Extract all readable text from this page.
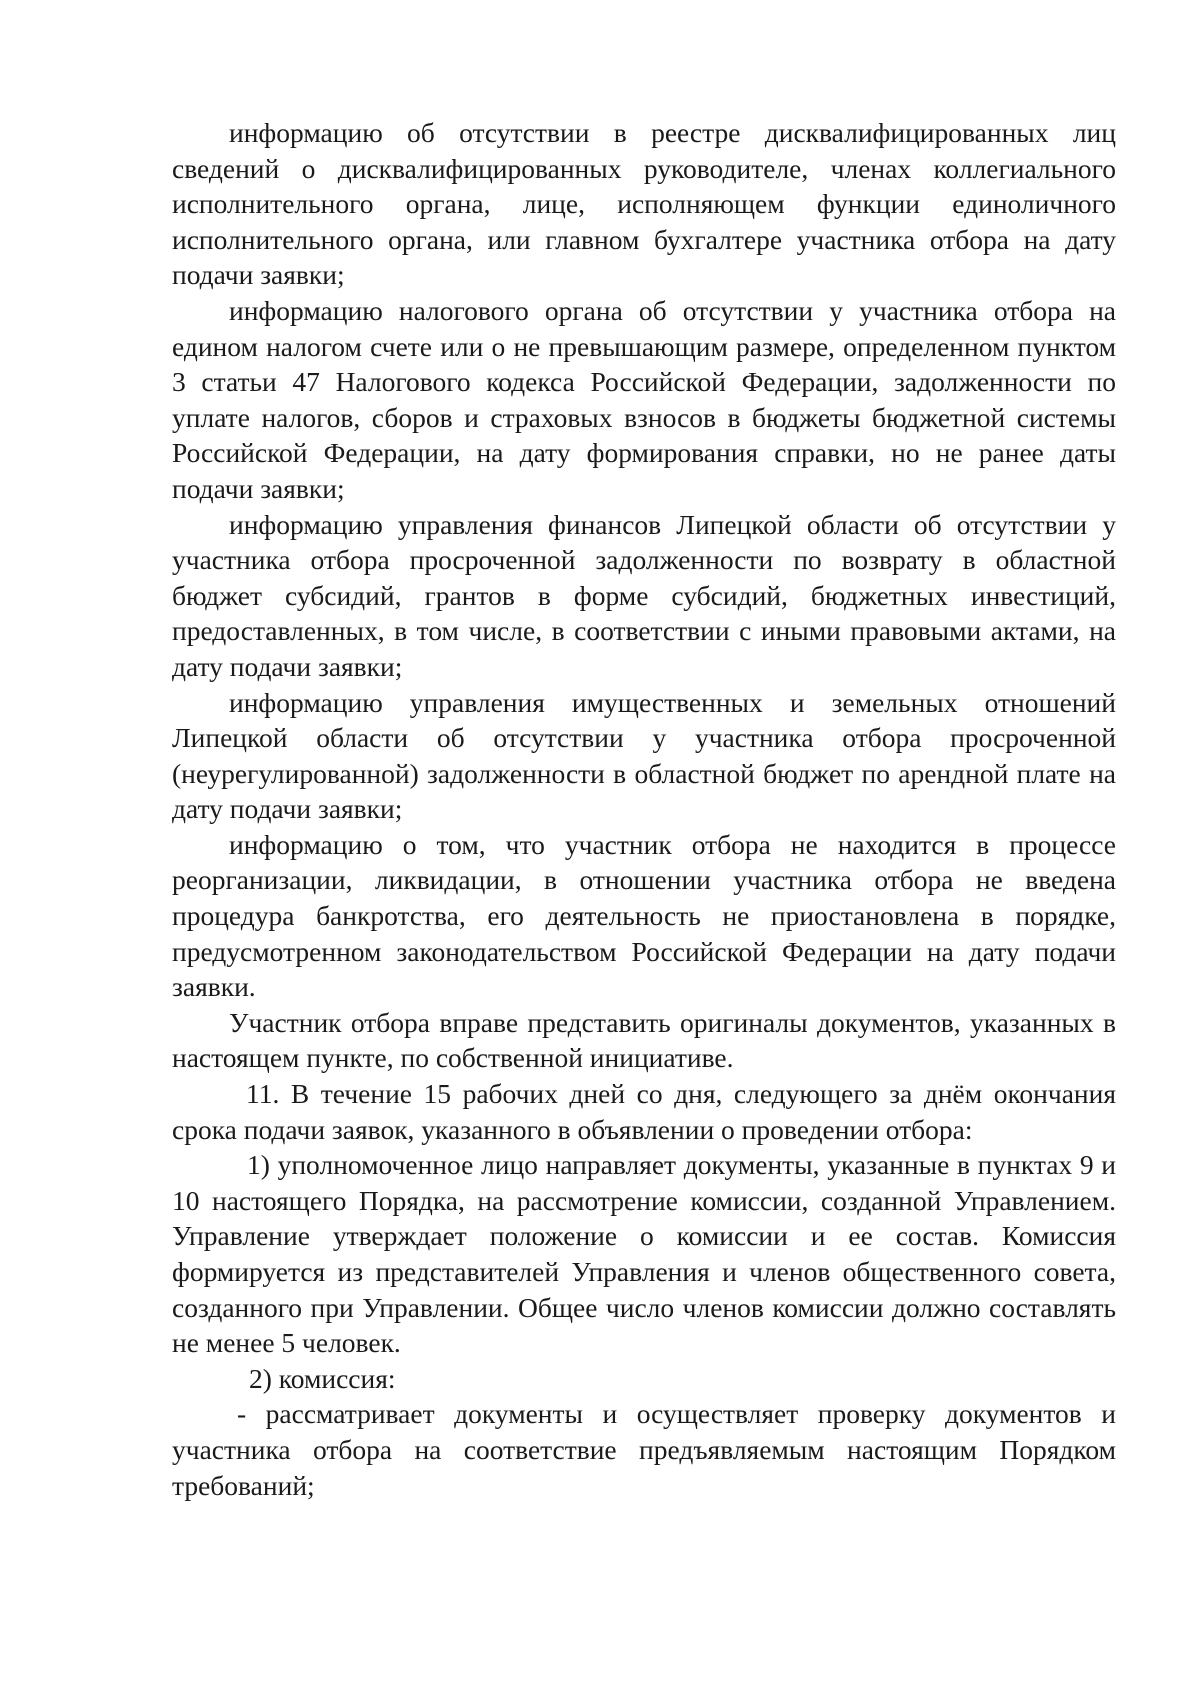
информацию об отсутствии в реестре дисквалифицированных лиц сведений о дисквалифицированных руководителе, членах коллегиального исполнительного органа, лице, исполняющем функции единоличного исполнительного органа, или главном бухгалтере участника отбора на дату подачи заявки;

информацию налогового органа об отсутствии у участника отбора на едином налогом счете или о не превышающим размере, определенном пунктом 3 статьи 47 Налогового кодекса Российской Федерации, задолженности по уплате налогов, сборов и страховых взносов в бюджеты бюджетной системы Российской Федерации, на дату формирования справки, но не ранее даты подачи заявки;

информацию управления финансов Липецкой области об отсутствии у участника отбора просроченной задолженности по возврату в областной бюджет субсидий, грантов в форме субсидий, бюджетных инвестиций, предоставленных, в том числе, в соответствии с иными правовыми актами, на дату подачи заявки;

информацию управления имущественных и земельных отношений Липецкой области об отсутствии у участника отбора просроченной (неурегулированной) задолженности в областной бюджет по арендной плате на дату подачи заявки;

информацию о том, что участник отбора не находится в процессе реорганизации, ликвидации, в отношении участника отбора не введена процедура банкротства, его деятельность не приостановлена в порядке, предусмотренном законодательством Российской Федерации на дату подачи заявки.

Участник отбора вправе представить оригиналы документов, указанных в настоящем пункте, по собственной инициативе.

11. В течение 15 рабочих дней со дня, следующего за днём окончания срока подачи заявок, указанного в объявлении о проведении отбора:

1) уполномоченное лицо направляет документы, указанные в пунктах 9 и 10 настоящего Порядка, на рассмотрение комиссии, созданной Управлением. Управление утверждает положение о комиссии и ее состав. Комиссия формируется из представителей Управления и членов общественного совета, созданного при Управлении. Общее число членов комиссии должно составлять не менее 5 человек.

2) комиссия:

- рассматривает документы и осуществляет проверку документов и участника отбора на соответствие предъявляемым настоящим Порядком требований;
